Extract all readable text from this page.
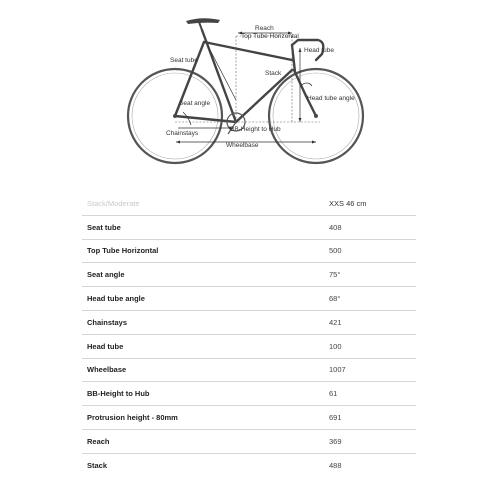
Reach
Top Tube Horizontal
Seat tube
Head tube
Stack
Head tube angle
Seat angle
Chainstays
BB-Height to Hub
Wheelbase
Stack/Moderate	XXS 46 cm
Seat tube	408
Top Tube Horizontal	500
Seat angle	75°
Head tube angle	68°
Chainstays	421
Head tube	100
Wheelbase	1007
BB-Height to Hub	61
Protrusion height - 80mm	691
Reach	369
Stack	488
